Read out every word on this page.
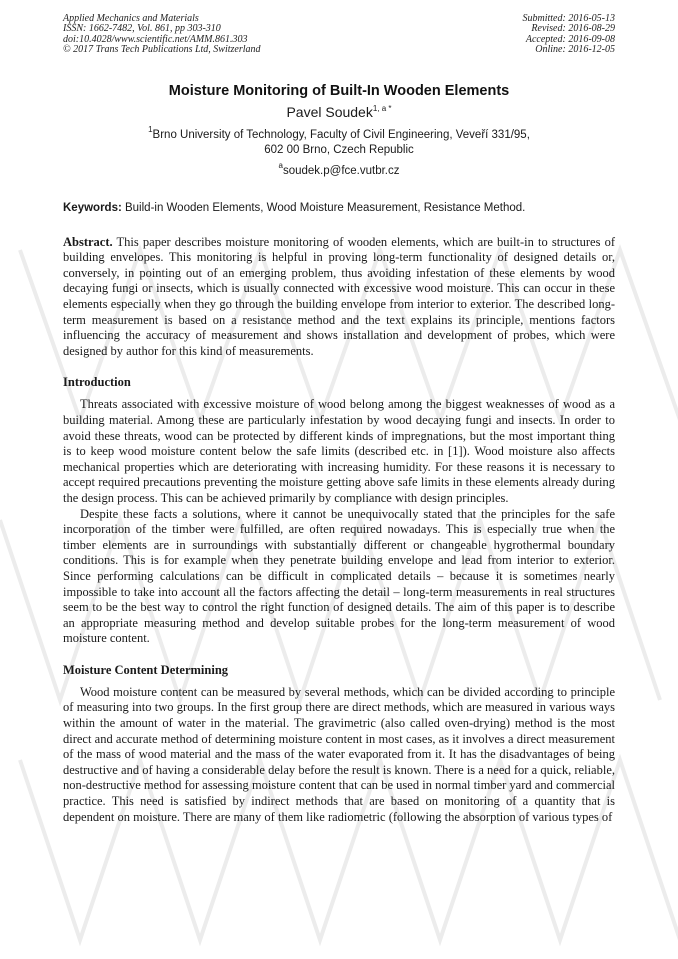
Applied Mechanics and Materials
ISSN: 1662-7482, Vol. 861, pp 303-310
doi:10.4028/www.scientific.net/AMM.861.303
© 2017 Trans Tech Publications Ltd, Switzerland
Submitted: 2016-05-13
Revised: 2016-08-29
Accepted: 2016-09-08
Online: 2016-12-05
Moisture Monitoring of Built-In Wooden Elements
Pavel Soudek$^{1, a *}$
$^1$Brno University of Technology, Faculty of Civil Engineering, Veveří 331/95,
602 00 Brno, Czech Republic
$^a$soudek.p@fce.vutbr.cz
Keywords: Build-in Wooden Elements, Wood Moisture Measurement, Resistance Method.
Abstract. This paper describes moisture monitoring of wooden elements, which are built-in to structures of building envelopes. This monitoring is helpful in proving long-term functionality of designed details or, conversely, in pointing out of an emerging problem, thus avoiding infestation of these elements by wood decaying fungi or insects, which is usually connected with excessive wood moisture. This can occur in these elements especially when they go through the building envelope from interior to exterior. The described long-term measurement is based on a resistance method and the text explains its principle, mentions factors influencing the accuracy of measurement and shows installation and development of probes, which were designed by author for this kind of measurements.
Introduction

Threats associated with excessive moisture of wood belong among the biggest weaknesses of wood as a building material. Among these are particularly infestation by wood decaying fungi and insects. In order to avoid these threats, wood can be protected by different kinds of impregnations, but the most important thing is to keep wood moisture content below the safe limits (described etc. in [1]). Wood moisture also affects mechanical properties which are deteriorating with increasing humidity. For these reasons it is necessary to accept required precautions preventing the moisture getting above safe limits in these elements already during the design process. This can be achieved primarily by compliance with design principles.

Despite these facts a solutions, where it cannot be unequivocally stated that the principles for the safe incorporation of the timber were fulfilled, are often required nowadays. This is especially true when the timber elements are in surroundings with substantially different or changeable hygrothermal boundary conditions. This is for example when they penetrate building envelope and lead from interior to exterior. Since performing calculations can be difficult in complicated details – because it is sometimes nearly impossible to take into account all the factors affecting the detail – long-term measurements in real structures seem to be the best way to control the right function of designed details. The aim of this paper is to describe an appropriate measuring method and develop suitable probes for the long-term measurement of wood moisture content.

Moisture Content Determining

Wood moisture content can be measured by several methods, which can be divided according to principle of measuring into two groups. In the first group there are direct methods, which are measured in various ways within the amount of water in the material. The gravimetric (also called oven-drying) method is the most direct and accurate method of determining moisture content in most cases, as it involves a direct measurement of the mass of wood material and the mass of the water evaporated from it. It has the disadvantages of being destructive and of having a considerable delay before the result is known. There is a need for a quick, reliable, non-destructive method for assessing moisture content that can be used in normal timber yard and commercial practice. This need is satisfied by indirect methods that are based on monitoring of a quantity that is dependent on moisture. There are many of them like radiometric (following the absorption of various types of
